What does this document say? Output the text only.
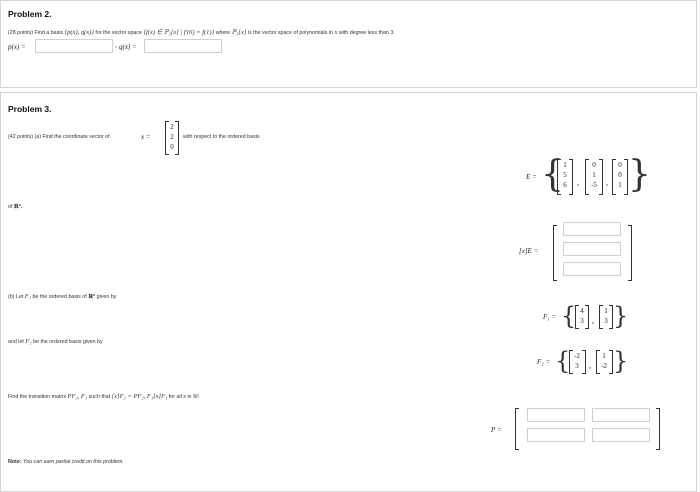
Problem 2.
(28 points) Find a basis {p(x), q(x)} for the vector space {f(x) ∈ ℙ₃[x] | f′(6) = f(1)} where ℙ₃[x] is the vector space of polynomials in x with degree less than 3.
p(x) =	, q(x) =
Problem 3.
(42 points) (a) Find the coordinate vector of	x =
2
2
0
with respect to the ordered basis
E = { 1
5
6	,
0
1
-5	,
0
0
1 }
of ℝ³.
[x]E =
(b) Let F₁ be the ordered basis of ℝ² given by
F₁ = { 4
3 ,
1
3 }
and let F₂ be the ordered basis given by
F₂ = { -2
3	,
1
-2 }
Find the transition matrix PF₂, F₁ such that [x]F₂ = PF₂, F₁[x]F₁ for all x in ℝ².
P =
Note: You can earn partial credit on this problem.
